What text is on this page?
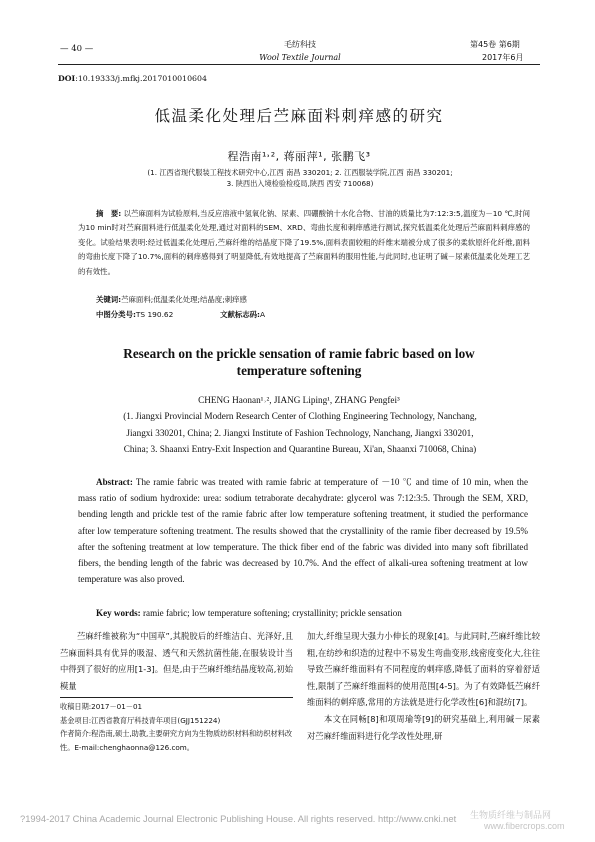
— 40 —	毛纺科技
Wool Textile Journal
第45卷 第6期
2017年6月
DOI:10.19333/j.mfkj.2017010010604
低温柔化处理后苎麻面料刺痒感的研究
程浩南¹˒², 蒋丽萍¹, 张鹏飞³
(1. 江西省现代服装工程技术研究中心,江西 南昌 330201; 2. 江西服装学院,江西 南昌 330201;
3. 陕西出入境检验检疫局,陕西 西安 710068)
摘　要: 以苎麻面料为试验原料,当反应溶液中氢氧化钠、尿素、四硼酸钠十水化合物、甘油的质量比为7:12:3:5,温度为－10 ℃,时间为10 min时对苎麻面料进行低温柔化处理,通过对面料的SEM、XRD、弯曲长度和刺痒感进行测试,探究低温柔化处理后苎麻面料刺痒感的变化。试验结果表明:经过低温柔化处理后,苎麻纤维的结晶度下降了19.5%,面料表面较粗的纤维末端被分成了很多的柔软原纤化纤维,面料的弯曲长度下降了10.7%,面料的刺痒感得到了明显降低,有效地提高了苎麻面料的服用性能,与此同时,也证明了碱－尿素低温柔化处理工艺的有效性。
关键词:苎麻面料;低温柔化处理;结晶度;刺痒感
中图分类号:TS 190.62	文献标志码:A
Research on the prickle sensation of ramie fabric based on low temperature softening
CHENG Haonan¹˒², JIANG Liping¹, ZHANG Pengfei³
(1. Jiangxi Provincial Modern Research Center of Clothing Engineering Technology, Nanchang,
Jiangxi 330201, China; 2. Jiangxi Institute of Fashion Technology, Nanchang, Jiangxi 330201,
China; 3. Shaanxi Entry-Exit Inspection and Quarantine Bureau, Xi'an, Shaanxi 710068, China)
Abstract: The ramie fabric was treated with ramie fabric at temperature of －10 ℃ and time of 10 min, when the mass ratio of sodium hydroxide: urea: sodium tetraborate decahydrate: glycerol was 7:12:3:5. Through the SEM, XRD, bending length and prickle test of the ramie fabric after low temperature softening treatment, it studied the performance after low temperature softening treatment. The results showed that the crystallinity of the ramie fiber decreased by 19.5% after the softening treatment at low temperature. The thick fiber end of the fabric was divided into many soft fibrillated fibers, the bending length of the fabric was decreased by 10.7%. And the effect of alkali-urea softening treatment at low temperature was also proved.
Key words: ramie fabric; low temperature softening; crystallinity; prickle sensation
苎麻纤维被称为“中国草”,其脱胶后的纤维洁白、光泽好,且苎麻面料具有优异的吸湿、透气和天然抗菌性能,在服装设计当中得到了很好的应用[1-3]。但是,由于苎麻纤维结晶度较高,初始模量
收稿日期:2017－01－01
基金项目:江西省教育厅科技青年项目(GJJ151224)
作者简介:程浩南,硕士,助教,主要研究方向为生物质纺织材料和纺织材料改性。E-mail:chenghaonna@126.com。
加大,纤维呈现大强力小伸长的现象[4]。与此同时,苎麻纤维比较粗,在纺纱和织造的过程中不易发生弯曲变形,线密度变化大,往往导致苎麻纤维面料有不同程度的刺痒感,降低了面料的穿着舒适性,限制了苎麻纤维面料的使用范围[4-5]。为了有效降低苎麻纤维面料的刺痒感,常用的方法就是进行化学改性[6]和混纺[7]。
本文在同畅[8]和项周瑜等[9]的研究基础上,利用碱－尿素对苎麻纤维面料进行化学改性处理,研
?1994-2017 China Academic Journal Electronic Publishing House. All rights reserved. http://www.cnki.net 生物质纤维与制品网
www.fibercrops.com
